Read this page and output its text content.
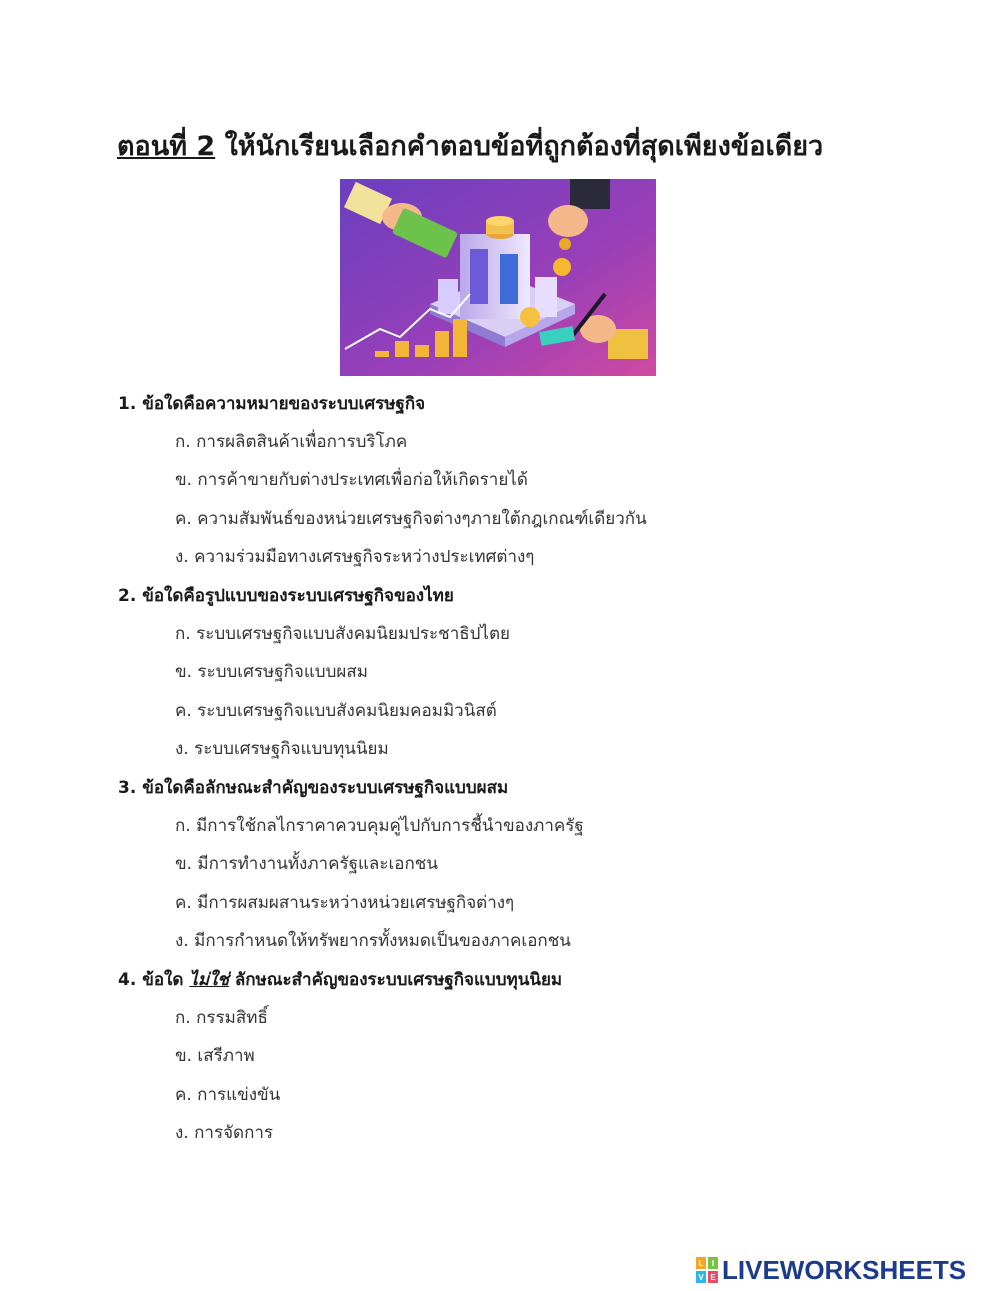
ตอนที่ 2 ให้นักเรียนเลือกคำตอบข้อที่ถูกต้องที่สุดเพียงข้อเดียว
1. ข้อใดคือความหมายของระบบเศรษฐกิจ
ก. การผลิตสินค้าเพื่อการบริโภค
ข. การค้าขายกับต่างประเทศเพื่อก่อให้เกิดรายได้
ค. ความสัมพันธ์ของหน่วยเศรษฐกิจต่างๆภายใต้กฎเกณฑ์เดียวกัน
ง. ความร่วมมือทางเศรษฐกิจระหว่างประเทศต่างๆ
2. ข้อใดคือรูปแบบของระบบเศรษฐกิจของไทย
ก. ระบบเศรษฐกิจแบบสังคมนิยมประชาธิปไตย
ข. ระบบเศรษฐกิจแบบผสม
ค. ระบบเศรษฐกิจแบบสังคมนิยมคอมมิวนิสต์
ง. ระบบเศรษฐกิจแบบทุนนิยม
3. ข้อใดคือลักษณะสำคัญของระบบเศรษฐกิจแบบผสม
ก. มีการใช้กลไกราคาควบคุมคู่ไปกับการชี้นำของภาครัฐ
ข. มีการทำงานทั้งภาครัฐและเอกชน
ค. มีการผสมผสานระหว่างหน่วยเศรษฐกิจต่างๆ
ง. มีการกำหนดให้ทรัพยากรทั้งหมดเป็นของภาคเอกชน
4. ข้อใด ไม่ใช่ ลักษณะสำคัญของระบบเศรษฐกิจแบบทุนนิยม
ก. กรรมสิทธิ์
ข. เสรีภาพ
ค. การแข่งขัน
ง. การจัดการ
L I
V E LIVEWORKSHEETS
